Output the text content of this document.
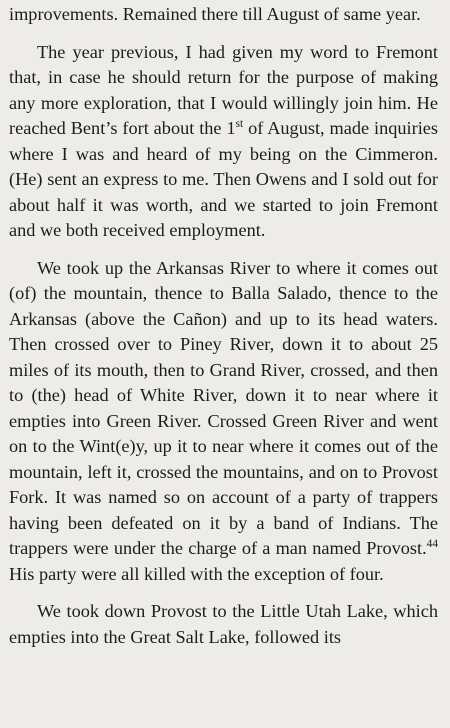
improvements. Remained there till August of same year.

The year previous, I had given my word to Fremont that, in case he should return for the purpose of making any more exploration, that I would willingly join him. He reached Bent’s fort about the 1st of August, made inquiries where I was and heard of my being on the Cimmeron. (He) sent an express to me. Then Owens and I sold out for about half it was worth, and we started to join Fremont and we both received employment.

We took up the Arkansas River to where it comes out (of) the mountain, thence to Balla Salado, thence to the Arkansas (above the Cañon) and up to its head waters. Then crossed over to Piney River, down it to about 25 miles of its mouth, then to Grand River, crossed, and then to (the) head of White River, down it to near where it empties into Green River. Crossed Green River and went on to the Wint(e)y, up it to near where it comes out of the mountain, left it, crossed the mountains, and on to Provost Fork. It was named so on account of a party of trappers having been defeated on it by a band of Indians. The trappers were under the charge of a man named Provost.$^{44}$ His party were all killed with the exception of four.

We took down Provost to the Little Utah Lake, which empties into the Great Salt Lake, followed its
